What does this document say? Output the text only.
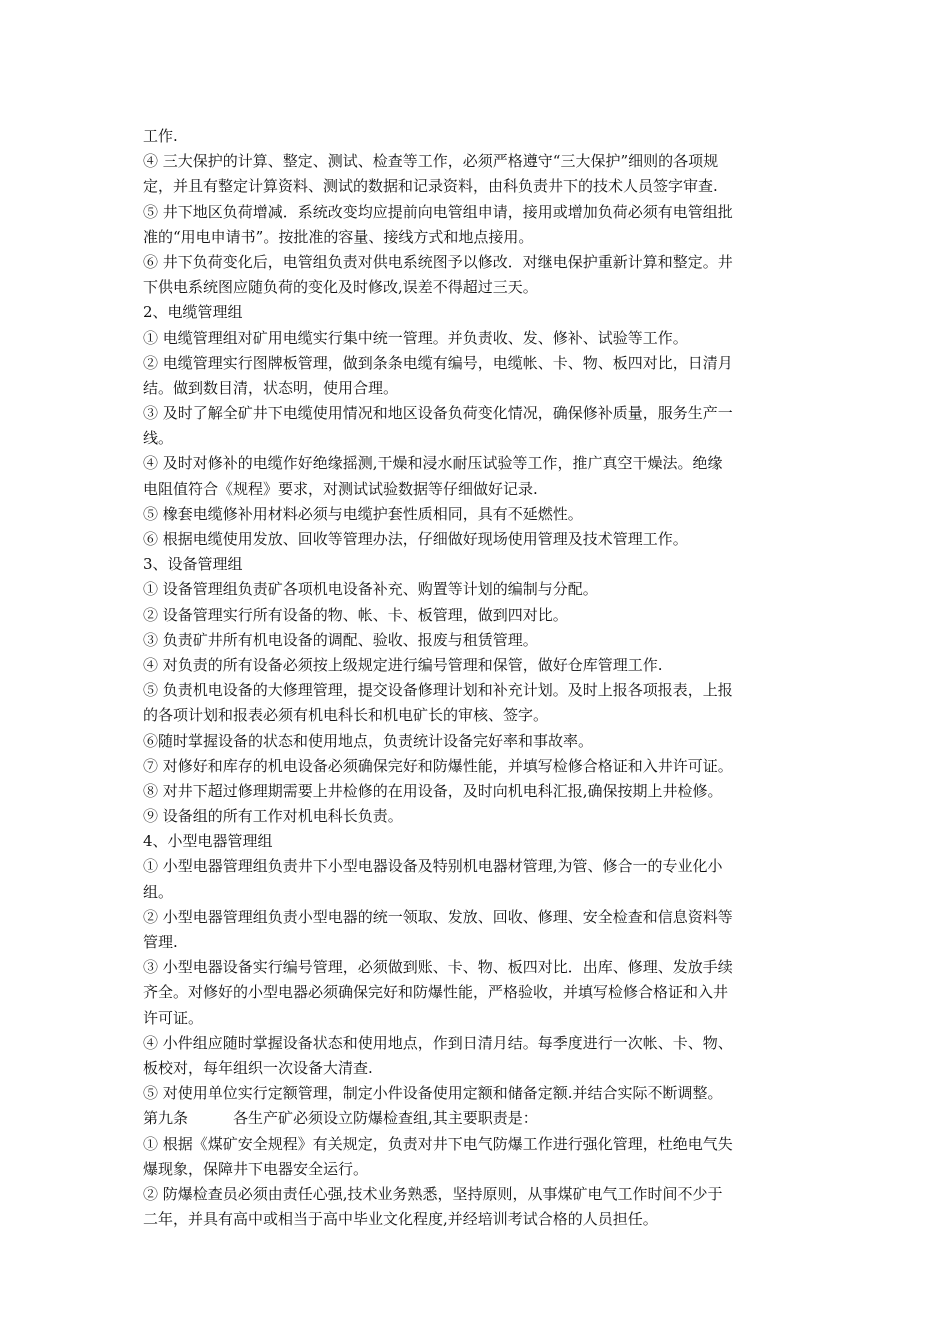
工作.
④ 三大保护的计算、整定、测试、检查等工作，必须严格遵守“三大保护”细则的各项规
定，并且有整定计算资料、测试的数据和记录资料，由科负责井下的技术人员签字审查.
⑤ 井下地区负荷增减．系统改变均应提前向电管组申请，接用或增加负荷必须有电管组批
准的“用电申请书”。按批准的容量、接线方式和地点接用。
⑥ 井下负荷变化后，电管组负责对供电系统图予以修改．对继电保护重新计算和整定。井
下供电系统图应随负荷的变化及时修改,误差不得超过三天。
2、电缆管理组
① 电缆管理组对矿用电缆实行集中统一管理。并负责收、发、修补、试验等工作。
② 电缆管理实行图牌板管理，做到条条电缆有编号，电缆帐、卡、物、板四对比，日清月
结。做到数目清，状态明，使用合理。
③ 及时了解全矿井下电缆使用情况和地区设备负荷变化情况，确保修补质量，服务生产一
线。
④ 及时对修补的电缆作好绝缘摇测,干燥和浸水耐压试验等工作，推广真空干燥法。绝缘
电阻值符合《规程》要求，对测试试验数据等仔细做好记录.
⑤ 橡套电缆修补用材料必须与电缆护套性质相同，具有不延燃性。
⑥ 根据电缆使用发放、回收等管理办法，仔细做好现场使用管理及技术管理工作。
3、设备管理组
① 设备管理组负责矿各项机电设备补充、购置等计划的编制与分配。
② 设备管理实行所有设备的物、帐、卡、板管理，做到四对比。
③ 负责矿井所有机电设备的调配、验收、报废与租赁管理。
④ 对负责的所有设备必须按上级规定进行编号管理和保管，做好仓库管理工作.
⑤ 负责机电设备的大修理管理，提交设备修理计划和补充计划。及时上报各项报表，上报
的各项计划和报表必须有机电科长和机电矿长的审核、签字。
⑥随时掌握设备的状态和使用地点，负责统计设备完好率和事故率。
⑦ 对修好和库存的机电设备必须确保完好和防爆性能，并填写检修合格证和入井许可证。
⑧ 对井下超过修理期需要上井检修的在用设备，及时向机电科汇报,确保按期上井检修。
⑨ 设备组的所有工作对机电科长负责。
4、小型电器管理组
① 小型电器管理组负责井下小型电器设备及特别机电器材管理,为管、修合一的专业化小
组。
② 小型电器管理组负责小型电器的统一领取、发放、回收、修理、安全检查和信息资料等
管理.
③ 小型电器设备实行编号管理，必须做到账、卡、物、板四对比．出库、修理、发放手续
齐全。对修好的小型电器必须确保完好和防爆性能，严格验收，并填写检修合格证和入井
许可证。
④ 小件组应随时掌握设备状态和使用地点，作到日清月结。每季度进行一次帐、卡、物、
板校对，每年组织一次设备大清查.
⑤ 对使用单位实行定额管理，制定小件设备使用定额和储备定额.并结合实际不断调整。
第九条　　　各生产矿必须设立防爆检查组,其主要职责是：
① 根据《煤矿安全规程》有关规定，负责对井下电气防爆工作进行强化管理，杜绝电气失
爆现象，保障井下电器安全运行。
② 防爆检查员必须由责任心强,技术业务熟悉，坚持原则，从事煤矿电气工作时间不少于
二年，并具有高中或相当于高中毕业文化程度,并经培训考试合格的人员担任。
